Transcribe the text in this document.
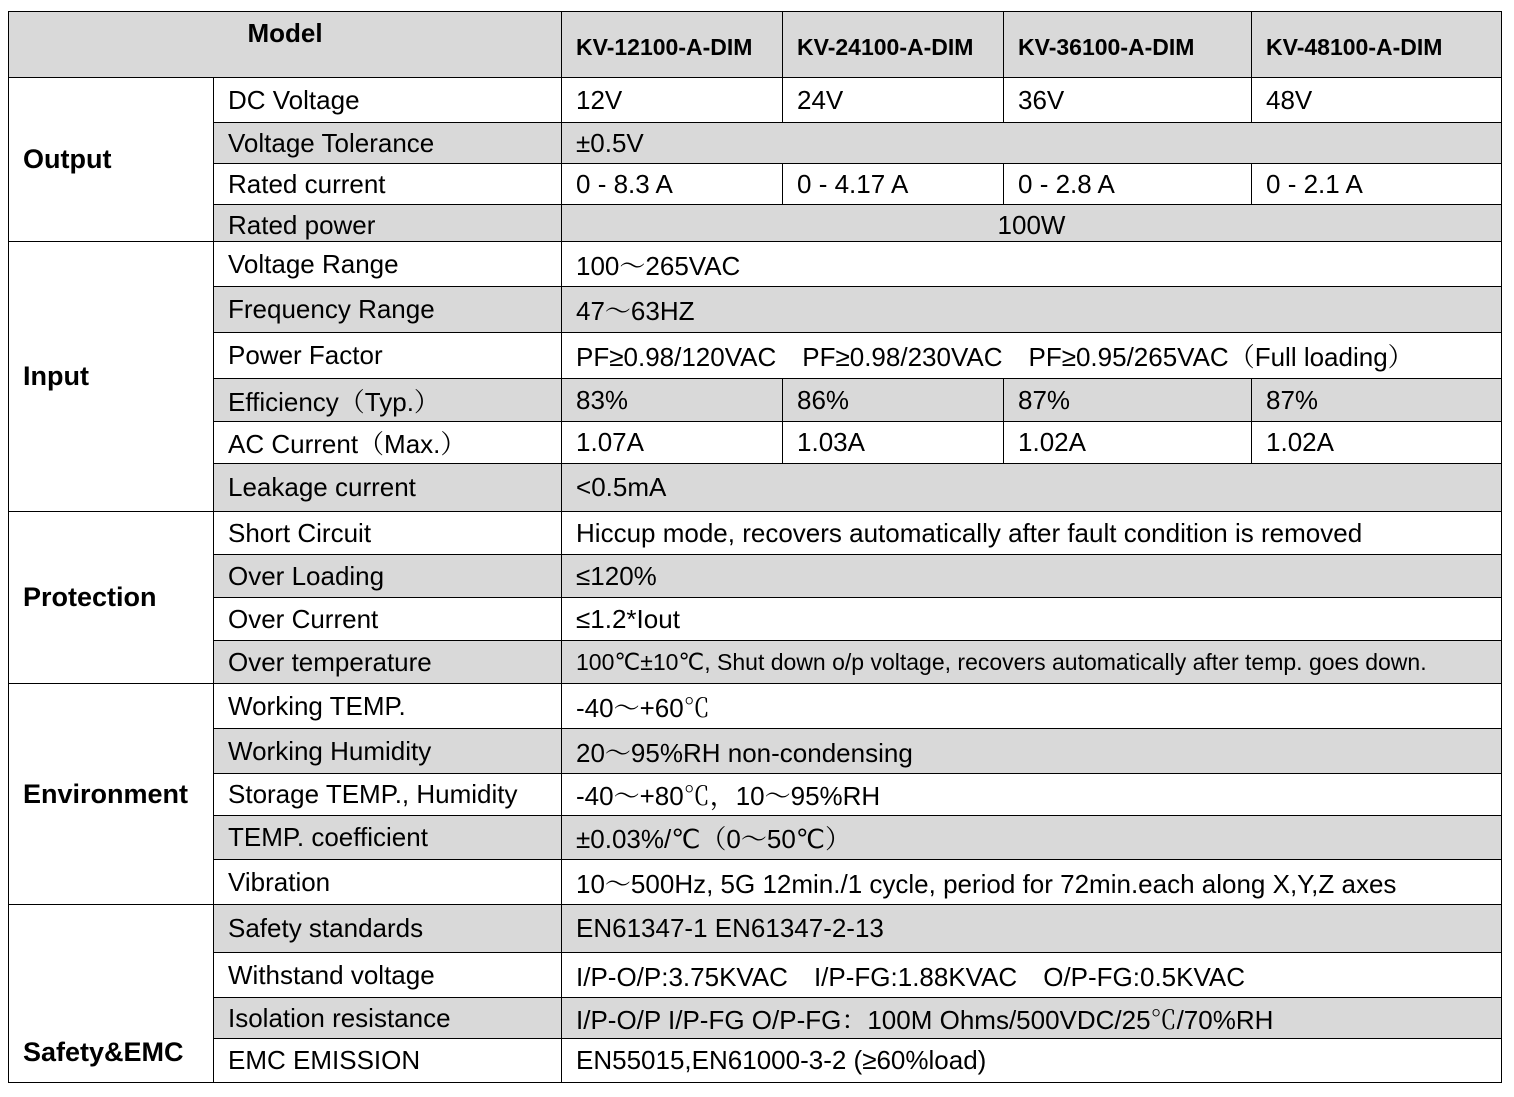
Model		KV-12100-A-DIM	KV-24100-A-DIM	KV-36100-A-DIM	KV-48100-A-DIM
Output	DC Voltage	12V	24V	36V	48V
	Voltage Tolerance	±0.5V			
	Rated current	0 - 8.3 A	0 - 4.17 A	0 - 2.8 A	0 - 2.1 A
	Rated power	100W			
Input	Voltage Range	100～265VAC			
	Frequency Range	47～63HZ			
	Power Factor	PF≥0.98/120VAC　PF≥0.98/230VAC　PF≥0.95/265VAC（Full loading）			
	Efficiency（Typ.）	83%	86%	87%	87%
	AC Current（Max.）	1.07A	1.03A	1.02A	1.02A
	Leakage current	<0.5mA			
Protection	Short Circuit	Hiccup mode, recovers automatically after fault condition is removed			
	Over Loading	≤120%			
	Over Current	≤1.2*Iout			
	Over temperature	100℃±10℃, Shut down o/p voltage, recovers automatically after temp. goes down.			
Environment	Working TEMP.	-40～+60℃			
	Working Humidity	20～95%RH non-condensing			
	Storage TEMP., Humidity	-40～+80℃，10～95%RH			
	TEMP. coefficient	±0.03%/℃（0～50℃）			
	Vibration	10～500Hz, 5G 12min./1 cycle, period for 72min.each along X,Y,Z axes			
Safety&EMC	Safety standards	EN61347-1 EN61347-2-13			
	Withstand voltage	I/P-O/P:3.75KVAC　I/P-FG:1.88KVAC　O/P-FG:0.5KVAC			
	Isolation resistance	I/P-O/P I/P-FG O/P-FG：100M Ohms/500VDC/25℃/70%RH			
	EMC EMISSION	EN55015,EN61000-3-2 (≥60%load)			
